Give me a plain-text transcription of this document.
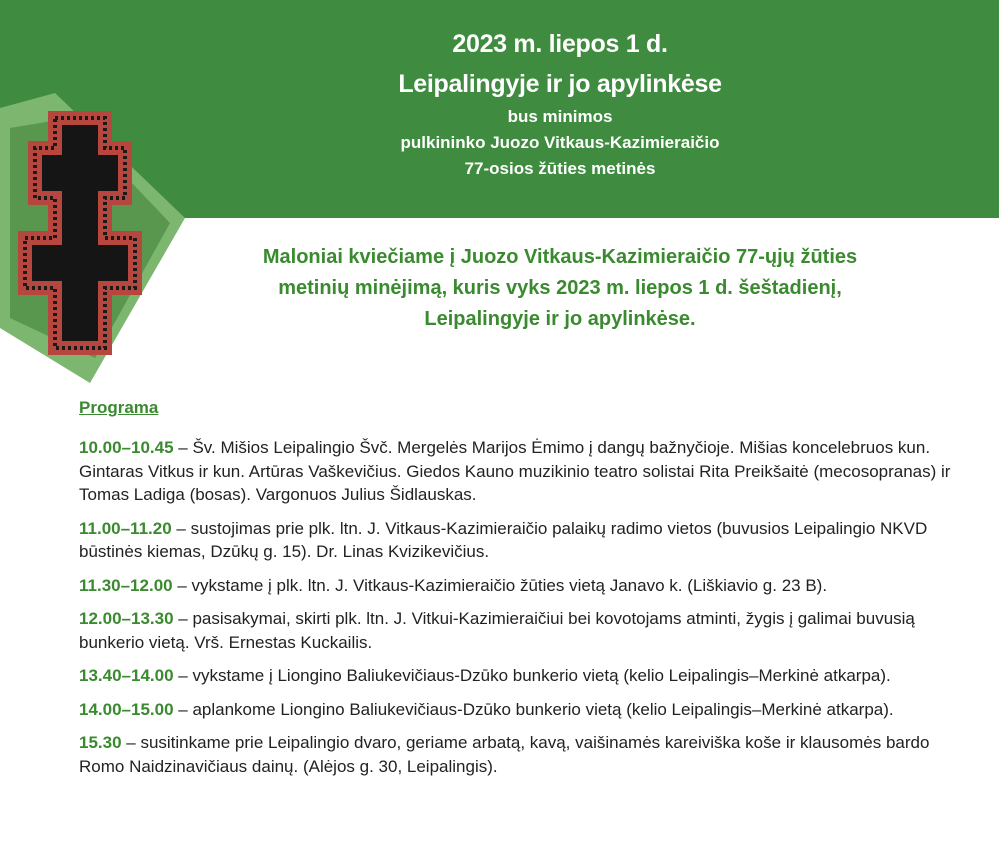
2023 m. liepos 1 d.
Leipalingyje ir jo apylinkėse
bus minimos
pulkininko Juozo Vitkaus-Kazimieraičio
77-osios žūties metinės
Maloniai kviečiame į Juozo Vitkaus-Kazimieraičio 77-ųjų žūties
metinių minėjimą, kuris vyks 2023 m. liepos 1 d. šeštadienį,
Leipalingyje ir jo apylinkėse.
Programa
10.00–10.45 – Šv. Mišios Leipalingio Švč. Mergelės Marijos Ėmimo į dangų bažnyčioje. Mišias koncelebruos kun. Gintaras Vitkus ir kun. Artūras Vaškevičius. Giedos Kauno muzikinio teatro solistai Rita Preikšaitė (mecosopranas) ir Tomas Ladiga (bosas). Vargonuos Julius Šidlauskas.
11.00–11.20 – sustojimas prie plk. ltn. J. Vitkaus-Kazimieraičio palaikų radimo vietos (buvusios Leipalingio NKVD būstinės kiemas, Dzūkų g. 15). Dr. Linas Kvizikevičius.
11.30–12.00 – vykstame į plk. ltn. J. Vitkaus-Kazimieraičio žūties vietą Janavo k. (Liškiavio g. 23 B).
12.00–13.30 – pasisakymai, skirti plk. ltn. J. Vitkui-Kazimieraičiui bei kovotojams atminti, žygis į galimai buvusią bunkerio vietą. Vrš. Ernestas Kuckailis.
13.40–14.00 – vykstame į Liongino Baliukevičiaus-Dzūko bunkerio vietą (kelio Leipalingis–Merkinė atkarpa).
14.00–15.00 – aplankome Liongino Baliukevičiaus-Dzūko bunkerio vietą (kelio Leipalingis–Merkinė atkarpa).
15.30 – susitinkame prie Leipalingio dvaro, geriame arbatą, kavą, vaišinamės kareiviška koše ir klausomės bardo Romo Naidzinavičiaus dainų. (Alėjos g. 30, Leipalingis).
